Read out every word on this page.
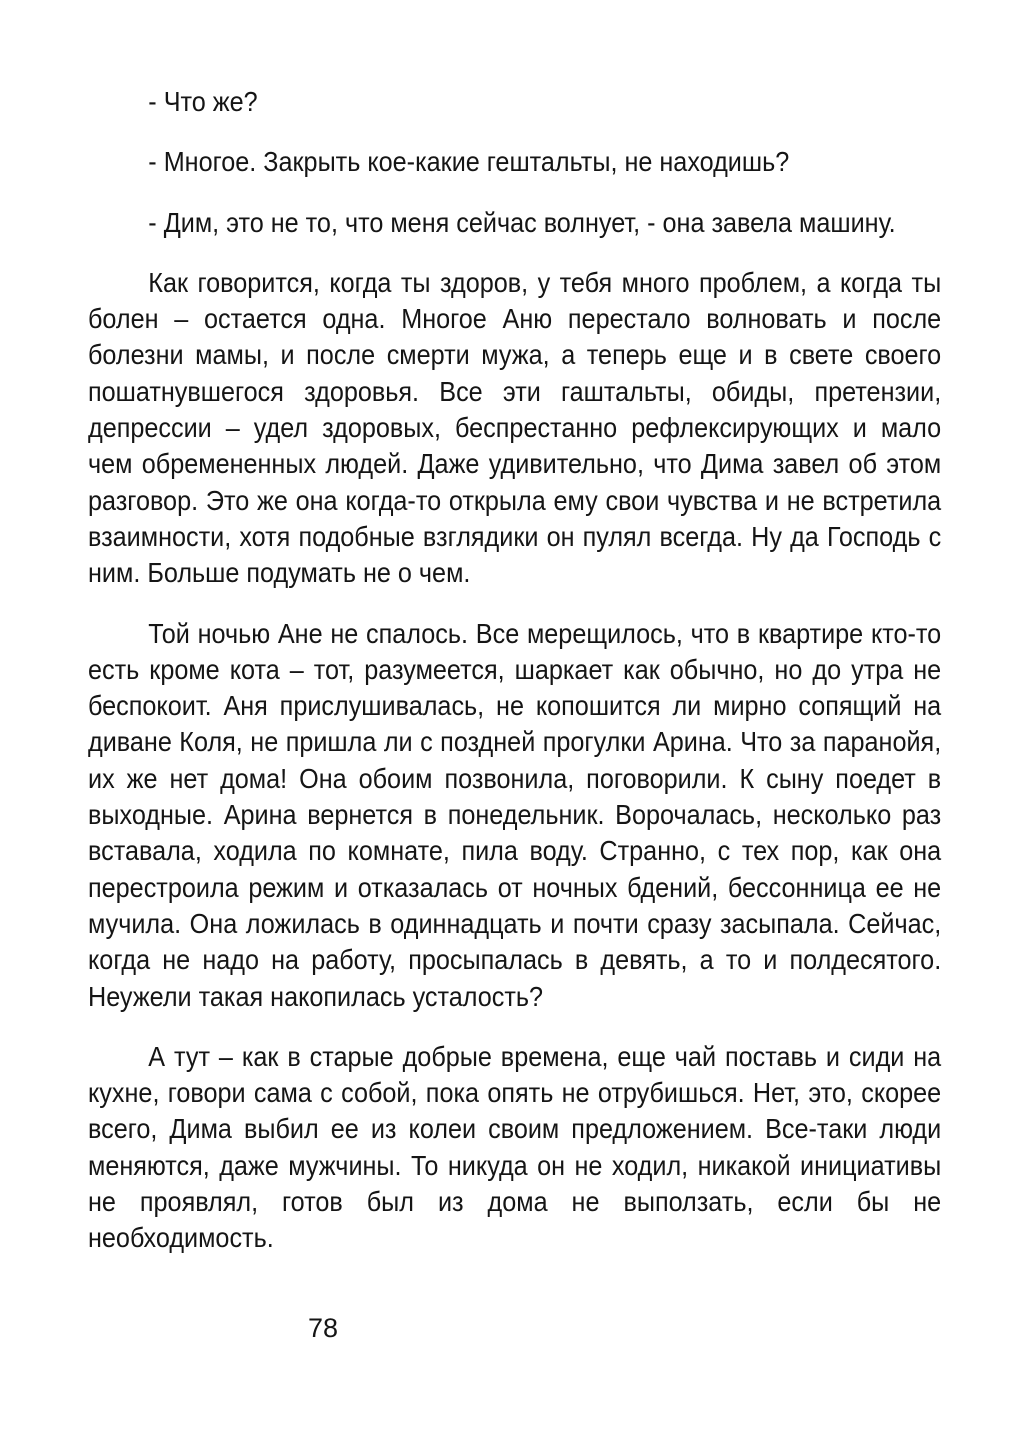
- Что же?

- Многое. Закрыть кое-какие гештальты, не находишь?

- Дим, это не то, что меня сейчас волнует, - она завела машину.

Как говорится, когда ты здоров, у тебя много проблем, а когда ты болен – остается одна. Многое Аню перестало волновать и после болезни мамы, и после смерти мужа, а теперь еще и в свете своего пошатнувшегося здоровья. Все эти гаштальты, обиды, претензии, депрессии – удел здоровых, беспрестанно рефлексирующих и мало чем обремененных людей. Даже удивительно, что Дима завел об этом разговор. Это же она когда-то открыла ему свои чувства и не встретила взаимности, хотя подобные взглядики он пулял всегда. Ну да Господь с ним. Больше подумать не о чем.

Той ночью Ане не спалось. Все мерещилось, что в квартире кто-то есть кроме кота – тот, разумеется, шаркает как обычно, но до утра не беспокоит. Аня прислушивалась, не копошится ли мирно сопящий на диване Коля, не пришла ли с поздней прогулки Арина. Что за паранойя, их же нет дома! Она обоим позвонила, поговорили. К сыну поедет в выходные. Арина вернется в понедельник. Ворочалась, несколько раз вставала, ходила по комнате, пила воду. Странно, с тех пор, как она перестроила режим и отказалась от ночных бдений, бессонница ее не мучила. Она ложилась в одиннадцать и почти сразу засыпала. Сейчас, когда не надо на работу, просыпалась в девять, а то и полдесятого. Неужели такая накопилась усталость?

А тут – как в старые добрые времена, еще чай поставь и сиди на кухне, говори сама с собой, пока опять не отрубишься. Нет, это, скорее всего, Дима выбил ее из колеи своим предложением. Все-таки люди меняются, даже мужчины. То никуда он не ходил, никакой инициативы не проявлял, готов был из дома не выползать, если бы не необходимость.

78
